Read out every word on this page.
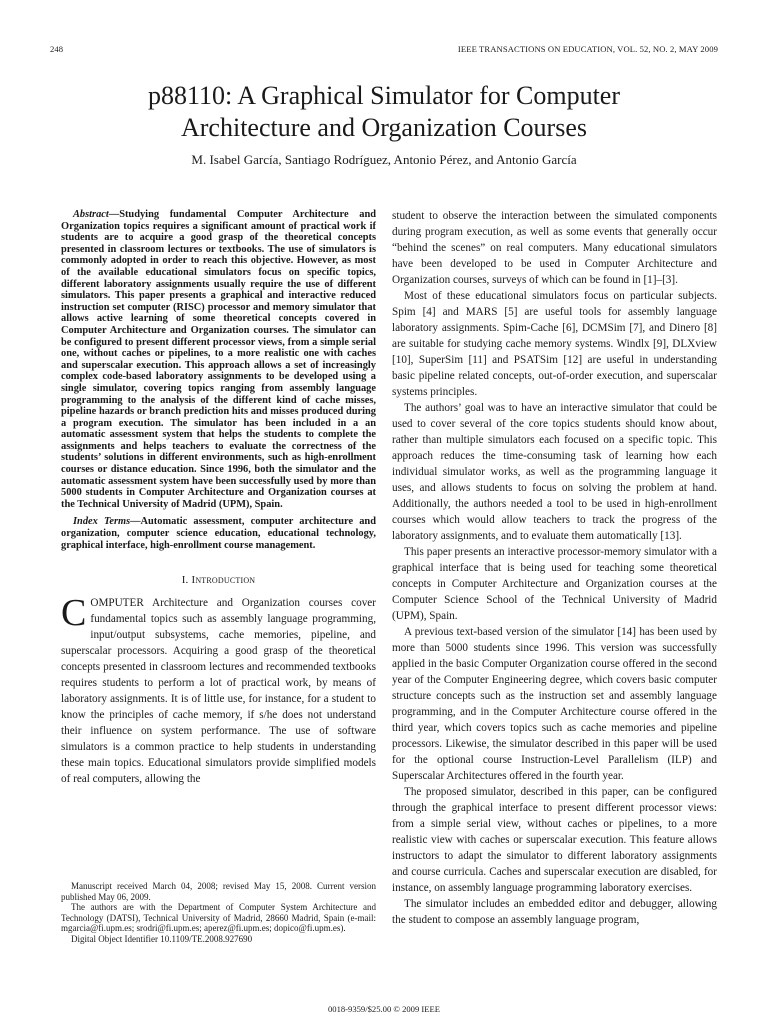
248	IEEE TRANSACTIONS ON EDUCATION, VOL. 52, NO. 2, MAY 2009
p88110: A Graphical Simulator for Computer
Architecture and Organization Courses

M. Isabel García, Santiago Rodríguez, Antonio Pérez, and Antonio García

Abstract—Studying fundamental Computer Architecture and Organization topics requires a significant amount of practical work if students are to acquire a good grasp of the theoretical concepts presented in classroom lectures or textbooks. The use of simulators is commonly adopted in order to reach this objective. However, as most of the available educational simulators focus on specific topics, different laboratory assignments usually require the use of different simulators. This paper presents a graphical and interactive reduced instruction set computer (RISC) processor and memory simulator that allows active learning of some theoretical concepts covered in Computer Architecture and Organization courses. The simulator can be configured to present different processor views, from a simple serial one, without caches or pipelines, to a more realistic one with caches and superscalar execution. This approach allows a set of increasingly complex code-based laboratory assignments to be developed using a single simulator, covering topics ranging from assembly language programming to the analysis of the different kind of cache misses, pipeline hazards or branch prediction hits and misses produced during a program execution. The simulator has been included in a an automatic assessment system that helps the students to complete the assignments and helps teachers to evaluate the correctness of the students’ solutions in different environments, such as high-enrollment courses or distance education. Since 1996, both the simulator and the automatic assessment system have been successfully used by more than 5000 students in Computer Architecture and Organization courses at the Technical University of Madrid (UPM), Spain.

Index Terms—Automatic assessment, computer architecture and organization, computer science education, educational technology, graphical interface, high-enrollment course management.

I. Introduction

COMPUTER Architecture and Organization courses cover fundamental topics such as assembly language programming, input/output subsystems, cache memories, pipeline, and superscalar processors. Acquiring a good grasp of the theoretical concepts presented in classroom lectures and recommended textbooks requires students to perform a lot of practical work, by means of laboratory assignments. It is of little use, for instance, for a student to know the principles of cache memory, if s/he does not understand their influence on system performance. The use of software simulators is a common practice to help students in understanding these main topics. Educational simulators provide simplified models of real computers, allowing the

Manuscript received March 04, 2008; revised May 15, 2008. Current version published May 06, 2009.

The authors are with the Department of Computer System Architecture and Technology (DATSI), Technical University of Madrid, 28660 Madrid, Spain (e-mail: mgarcia@fi.upm.es; srodri@fi.upm.es; aperez@fi.upm.es; dopico@fi.upm.es).

Digital Object Identifier 10.1109/TE.2008.927690

student to observe the interaction between the simulated components during program execution, as well as some events that generally occur “behind the scenes” on real computers. Many educational simulators have been developed to be used in Computer Architecture and Organization courses, surveys of which can be found in [1]–[3].

Most of these educational simulators focus on particular subjects. Spim [4] and MARS [5] are useful tools for assembly language laboratory assignments. Spim-Cache [6], DCMSim [7], and Dinero [8] are suitable for studying cache memory systems. Windlx [9], DLXview [10], SuperSim [11] and PSATSim [12] are useful in understanding basic pipeline related concepts, out-of-order execution, and superscalar systems principles.

The authors’ goal was to have an interactive simulator that could be used to cover several of the core topics students should know about, rather than multiple simulators each focused on a specific topic. This approach reduces the time-consuming task of learning how each individual simulator works, as well as the programming language it uses, and allows students to focus on solving the problem at hand. Additionally, the authors needed a tool to be used in high-enrollment courses which would allow teachers to track the progress of the laboratory assignments, and to evaluate them automatically [13].

This paper presents an interactive processor-memory simulator with a graphical interface that is being used for teaching some theoretical concepts in Computer Architecture and Organization courses at the Computer Science School of the Technical University of Madrid (UPM), Spain.

A previous text-based version of the simulator [14] has been used by more than 5000 students since 1996. This version was successfully applied in the basic Computer Organization course offered in the second year of the Computer Engineering degree, which covers basic computer structure concepts such as the instruction set and assembly language programming, and in the Computer Architecture course offered in the third year, which covers topics such as cache memories and pipeline processors. Likewise, the simulator described in this paper will be used for the optional course Instruction-Level Parallelism (ILP) and Superscalar Architectures offered in the fourth year.

The proposed simulator, described in this paper, can be configured through the graphical interface to present different processor views: from a simple serial view, without caches or pipelines, to a more realistic view with caches or superscalar execution. This feature allows instructors to adapt the simulator to different laboratory assignments and course curricula. Caches and superscalar execution are disabled, for instance, on assembly language programming laboratory exercises.

The simulator includes an embedded editor and debugger, allowing the student to compose an assembly language program,

0018-9359/$25.00 © 2009 IEEE
